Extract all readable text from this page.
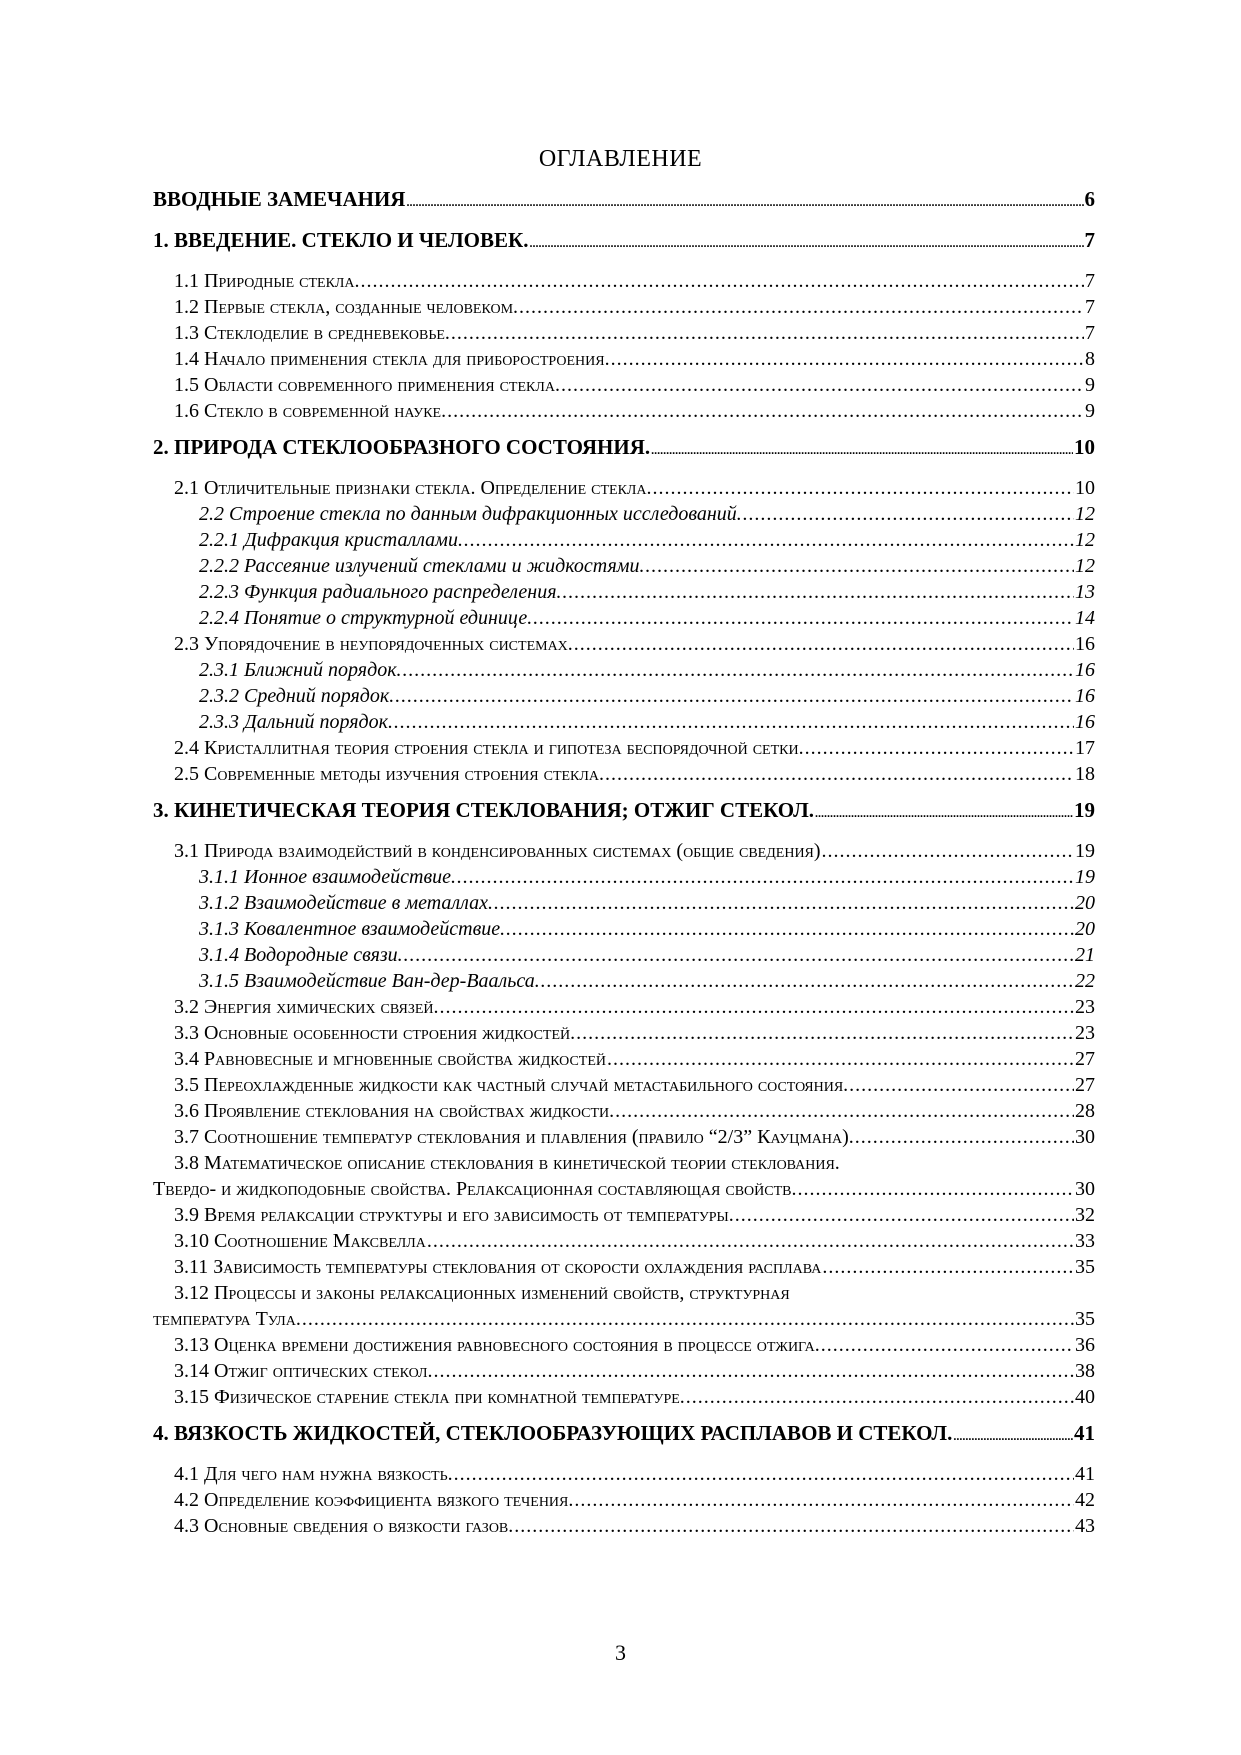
ОГЛАВЛЕНИЕ
ВВОДНЫЕ ЗАМЕЧАНИЯ .....	6
1. ВВЕДЕНИЕ. СТЕКЛО И ЧЕЛОВЕК. .....	7
1.1 Природные стекла. .....	7
1.2 Первые стекла, созданные человеком. .....	7
1.3 Стеклоделие в средневековье. .....	7
1.4 Начало применения стекла для приборостроения. .....	8
1.5 Области современного применения стекла. .....	9
1.6 Стекло в современной науке. .....	9
2. ПРИРОДА СТЕКЛООБРАЗНОГО СОСТОЯНИЯ. .....	10
2.1 Отличительные признаки стекла. Определение стекла. .....	10
2.2 Строение стекла по данным дифракционных исследований. .....	12
2.2.1 Дифракция кристаллами. .....	12
2.2.2 Рассеяние излучений стеклами и жидкостями. .....	12
2.2.3 Функция радиального распределения. .....	13
2.2.4 Понятие о структурной единице. .....	14
2.3 Упорядочение в неупорядоченных системах. .....	16
2.3.1 Ближний порядок. .....	16
2.3.2 Средний порядок. .....	16
2.3.3 Дальний порядок. .....	16
2.4 Кристаллитная теория строения стекла и гипотеза беспорядочной сетки. .....	17
2.5 Современные методы изучения строения стекла. .....	18
3. КИНЕТИЧЕСКАЯ ТЕОРИЯ СТЕКЛОВАНИЯ; ОТЖИГ СТЕКОЛ. .....	19
3.1 Природа взаимодействий в конденсированных системах (общие сведения) .....	19
3.1.1 Ионное взаимодействие. .....	19
3.1.2 Взаимодействие в металлах. .....	20
3.1.3 Ковалентное взаимодействие. .....	20
3.1.4 Водородные связи. .....	21
3.1.5 Взаимодействие Ван-дер-Ваальса. .....	22
3.2 Энергия химических связей. .....	23
3.3 Основные особенности строения жидкостей. .....	23
3.4 Равновесные и мгновенные свойства жидкостей .....	27
3.5 Переохлажденные жидкости как частный случай метастабильного состояния. .....	27
3.6 Проявление стеклования на свойствах жидкости. .....	28
3.7 Соотношение температур стеклования и плавления (правило “2/3” Кауцмана). .....	30
3.8 Математическое описание стеклования в кинетической теории стеклования.
Твердо- и жидкоподобные свойства. Релаксационная составляющая свойств. .....	30
3.9 Время релаксации структуры и его зависимость от температуры. .....	32
3.10 Соотношение Максвелла .....	33
3.11 Зависимость температуры стеклования от скорости охлаждения расплава .....	35
3.12 Процессы и законы релаксационных изменений свойств, структурная
температура Тула. .....	35
3.13 Оценка времени достижения равновесного состояния в процессе отжига. .....	36
3.14 Отжиг оптических стекол. .....	38
3.15 Физическое старение стекла при комнатной температуре. .....	40
4. ВЯЗКОСТЬ ЖИДКОСТЕЙ, СТЕКЛООБРАЗУЮЩИХ РАСПЛАВОВ И СТЕКОЛ. .....	41
4.1 Для чего нам нужна вязкость. .....	41
4.2 Определение коэффициента вязкого течения. .....	42
4.3 Основные сведения о вязкости газов. .....	43
3
